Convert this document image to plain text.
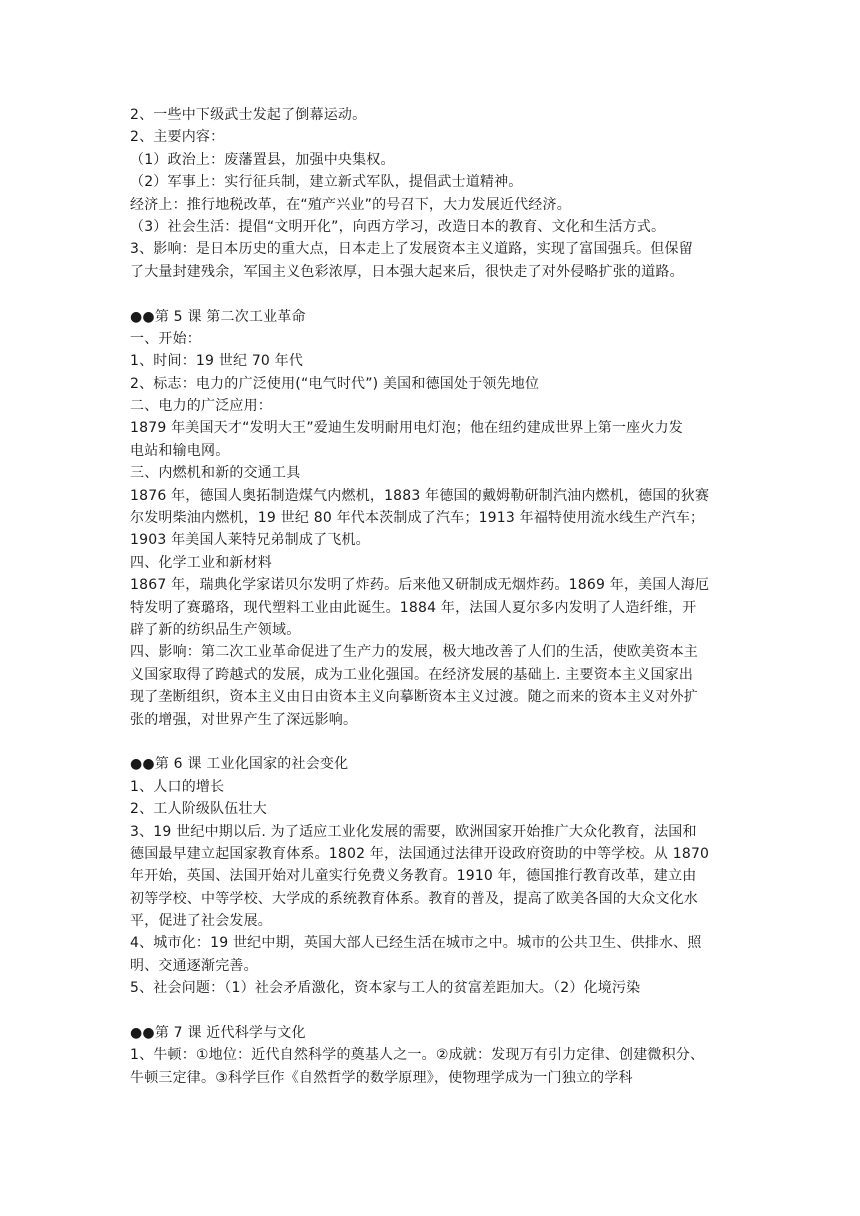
2、一些中下级武士发起了倒幕运动。
2、主要内容：
（1）政治上：废藩置县，加强中央集权。
（2）军事上：实行征兵制，建立新式军队，提倡武士道精神。
经济上：推行地税改革，在“殖产兴业”的号召下，大力发展近代经济。
（3）社会生活：提倡“文明开化”，向西方学习，改造日本的教育、文化和生活方式。
3、影响：是日本历史的重大点，日本走上了发展资本主义道路，实现了富国强兵。但保留
了大量封建残余，军国主义色彩浓厚，日本强大起来后，很快走了对外侵略扩张的道路。
●●第 5 课 第二次工业革命
一、开始：
1、时间：19 世纪 70 年代
2、标志：电力的广泛使用(“电气时代”) 美国和德国处于领先地位
二、电力的广泛应用：
1879 年美国天才“发明大王”爱迪生发明耐用电灯泡；他在纽约建成世界上第一座火力发
电站和输电网。
三、内燃机和新的交通工具
1876 年，德国人奥拓制造煤气内燃机，1883 年德国的戴姆勒研制汽油内燃机，德国的狄赛
尔发明柴油内燃机，19 世纪 80 年代本茨制成了汽车；1913 年福特使用流水线生产汽车；
1903 年美国人莱特兄弟制成了飞机。
四、化学工业和新材料
1867 年，瑞典化学家诺贝尔发明了炸药。后来他又研制成无烟炸药。1869 年，美国人海厄
特发明了赛璐珞，现代塑料工业由此诞生。1884 年，法国人夏尔多内发明了人造纤维，开
辟了新的纺织品生产领域。
四、影响：第二次工业革命促进了生产力的发展，极大地改善了人们的生活，使欧美资本主
义国家取得了跨越式的发展，成为工业化强国。在经济发展的基础上. 主要资本主义国家出
现了垄断组织，资本主义由日由资本主义向摹断资本主义过渡。随之而来的资本主义对外扩
张的增强，对世界产生了深远影响。
●●第 6 课 工业化国家的社会变化
1、人口的增长
2、工人阶级队伍壮大
3、19 世纪中期以后. 为了适应工业化发展的需要，欧洲国家开始推广大众化教育，法国和
德国最早建立起国家教育体系。1802 年，法国通过法律开设政府资助的中等学校。从 1870
年开始，英国、法国开始对儿童实行免费义务教育。1910 年，德国推行教育改革，建立由
初等学校、中等学校、大学成的系统教育体系。教育的普及，提高了欧美各国的大众文化水
平，促进了社会发展。
4、城市化：19 世纪中期，英国大部人已经生活在城市之中。城市的公共卫生、供排水、照
明、交通逐渐完善。
5、社会问题：（1）社会矛盾激化，资本家与工人的贫富差距加大。（2）化境污染
●●第 7 课 近代科学与文化
1、牛顿：①地位：近代自然科学的奠基人之一。②成就：发现万有引力定律、创建微积分、
牛顿三定律。③科学巨作《自然哲学的数学原理》，使物理学成为一门独立的学科
